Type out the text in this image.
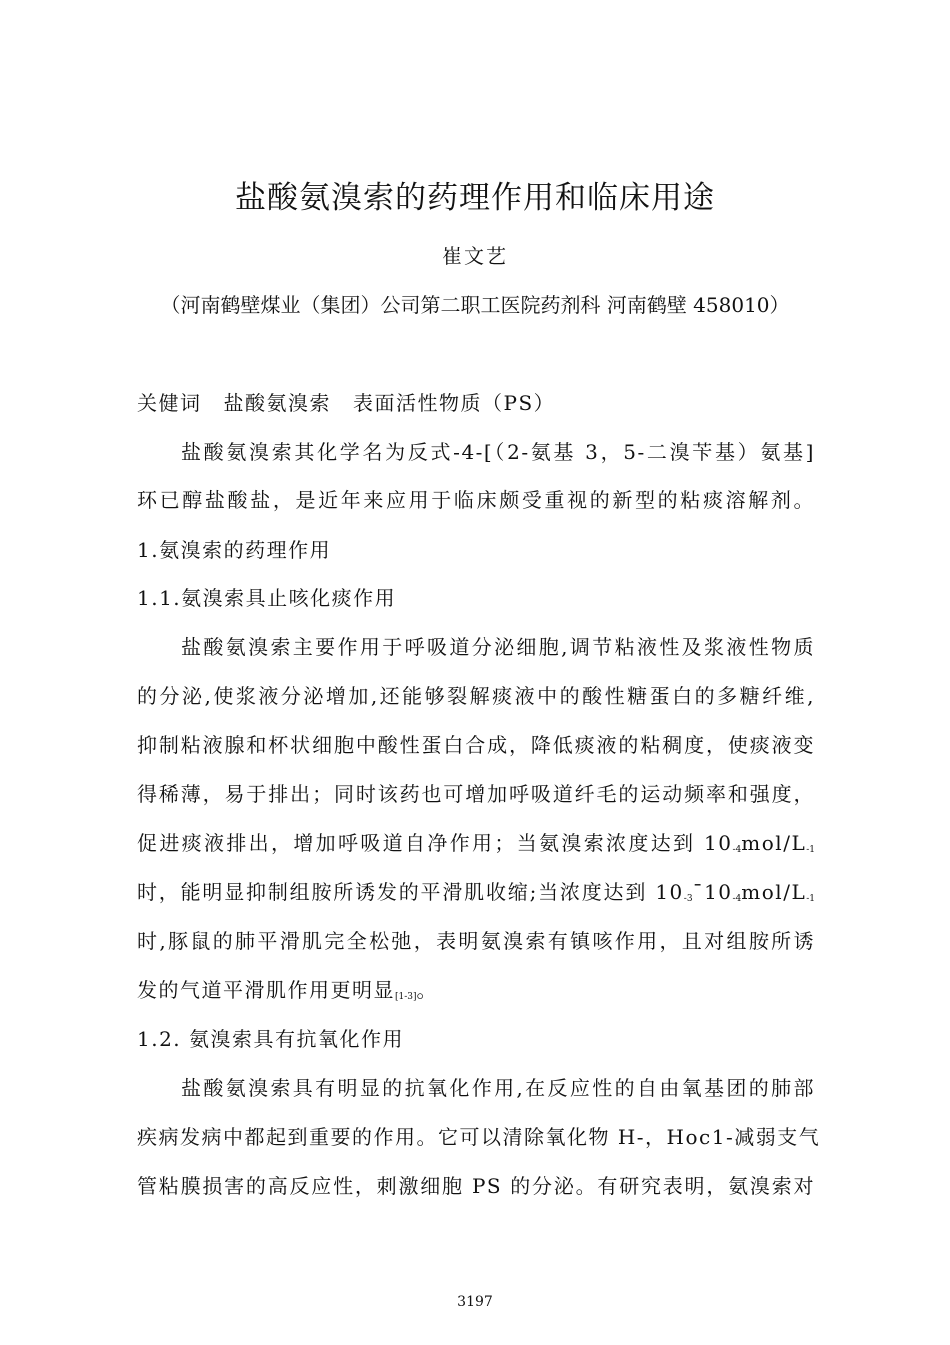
盐酸氨溴索的药理作用和临床用途
崔文艺
（河南鹤壁煤业（集团）公司第二职工医院药剂科 河南鹤壁 458010）
关健词 盐酸氨溴索 表面活性物质（PS）
盐酸氨溴索其化学名为反式-4-[（2-氨基 3，5-二溴苄基）氨基]
环已醇盐酸盐，是近年来应用于临床颇受重视的新型的粘痰溶解剂。
1.氨溴索的药理作用
1.1.氨溴索具止咳化痰作用
盐酸氨溴索主要作用于呼吸道分泌细胞,调节粘液性及浆液性物质
的分泌,使浆液分泌增加,还能够裂解痰液中的酸性糖蛋白的多糖纤维,
抑制粘液腺和杯状细胞中酸性蛋白合成，降低痰液的粘稠度，使痰液变
得稀薄，易于排出；同时该药也可增加呼吸道纤毛的运动频率和强度，
促进痰液排出，增加呼吸道自净作用；当氨溴索浓度达到 $10_{-4}mol/L_{-1}$
时，能明显抑制组胺所诱发的平滑肌收缩;当浓度达到 $10_{-3}¯10_{-4}mol/L_{-1}$
时,豚鼠的肺平滑肌完全松弛，表明氨溴索有镇咳作用，且对组胺所诱
发的气道平滑肌作用更明显$_{[1-3]}$。
1.2. 氨溴索具有抗氧化作用
盐酸氨溴索具有明显的抗氧化作用,在反应性的自由氧基团的肺部
疾病发病中都起到重要的作用。它可以清除氧化物 H-，Hoc1-减弱支气
管粘膜损害的高反应性，刺激细胞 PS 的分泌。有研究表明，氨溴索对
3197
